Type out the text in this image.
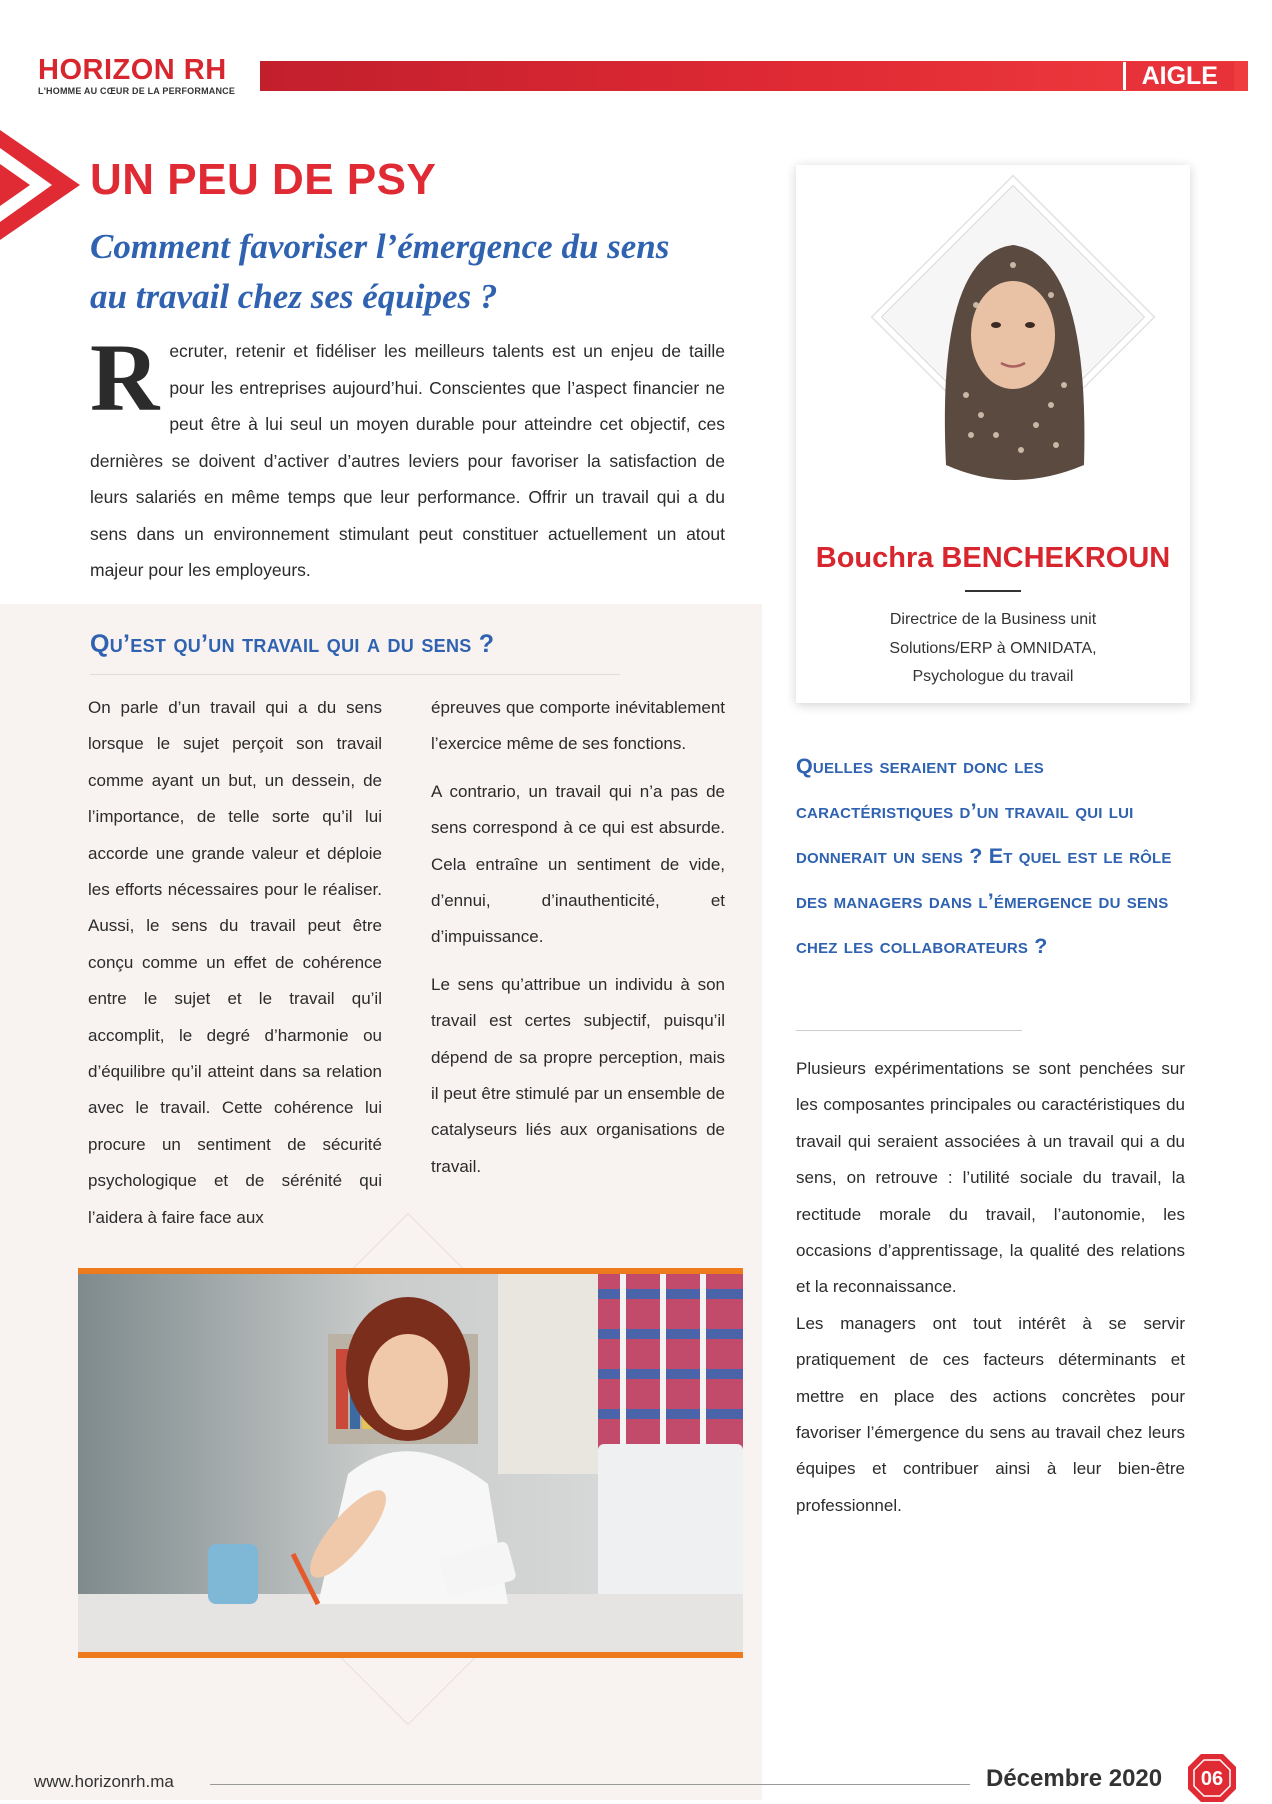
HORIZON RH
L'HOMME AU CŒUR DE LA PERFORMANCE
AIGLE
UN PEU DE PSY
Comment favoriser l’émergence du sens
au travail chez ses équipes ?
R ecruter, retenir et fidéliser les meilleurs talents est un enjeu de taille pour les entreprises aujourd’hui. Conscientes que l’aspect financier ne peut être à lui seul un moyen durable pour atteindre cet objectif, ces dernières se doivent d’activer d’autres leviers pour favoriser la satisfaction de leurs salariés en même temps que leur performance. Offrir un travail qui a du sens dans un environnement stimulant peut constituer actuellement un atout majeur pour les employeurs.
Qu’est qu’un travail qui a du sens ?

On parle d’un travail qui a du sens lorsque le sujet perçoit son travail comme ayant un but, un dessein, de l’importance, de telle sorte qu’il lui accorde une grande valeur et déploie les efforts nécessaires pour le réaliser. Aussi, le sens du travail peut être conçu comme un effet de cohérence entre le sujet et le travail qu’il accomplit, le degré d’harmonie ou d’équilibre qu’il atteint dans sa relation avec le travail. Cette cohérence lui procure un sentiment de sécurité psychologique et de sérénité qui l’aidera à faire face aux

épreuves que comporte inévitablement l’exercice même de ses fonctions.

A contrario, un travail qui n’a pas de sens correspond à ce qui est absurde. Cela entraîne un sentiment de vide, d’ennui, d’inauthenticité, et d’impuissance.

Le sens qu’attribue un individu à son travail est certes subjectif, puisqu’il dépend de sa propre perception, mais il peut être stimulé par un ensemble de catalyseurs liés aux organisations de travail.

Bouchra BENCHEKROUN
Directrice de la Business unit
Solutions/ERP à OMNIDATA,
Psychologue du travail
Quelles seraient donc les caractéristiques d’un travail qui lui donnerait un sens ? Et quel est le rôle des managers dans l’émergence du sens chez les collaborateurs ?

Plusieurs expérimentations se sont penchées sur les composantes principales ou caractéristiques du travail qui seraient associées à un travail qui a du sens, on retrouve : l’utilité sociale du travail, la rectitude morale du travail, l’autonomie, les occasions d’apprentissage, la qualité des relations et la reconnaissance.

Les managers ont tout intérêt à se servir pratiquement de ces facteurs déterminants et mettre en place des actions concrètes pour favoriser l’émergence du sens au travail chez leurs équipes et contribuer ainsi à leur bien-être professionnel.

www.horizonrh.ma	Décembre 2020 06
